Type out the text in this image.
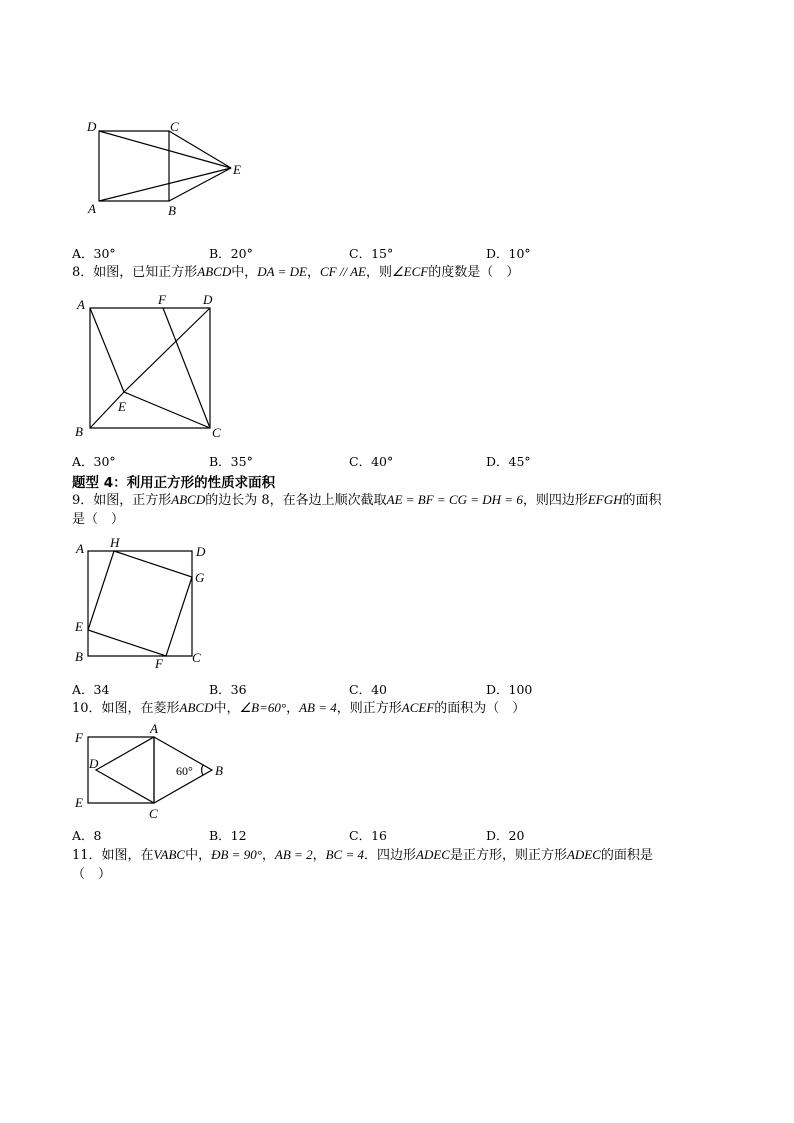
D	C
E
A	B
A．30°	B．20°	C．15°	D．10°
8．如图，已知正方形ABCD中，DA = DE，CF // AE，则∠ECF的度数是（　）
A	F	D
E
B	C
A．30°	B．35°	C．40°	D．45°
题型 4：利用正方形的性质求面积
9．如图，正方形ABCD的边长为 8，在各边上顺次截取AE = BF = CG = DH = 6，则四边形EFGH的面积
是（　）
A H
D
G
E
B	F C
A．34	B．36	C．40	D．100
10．如图，在菱形ABCD中，∠B=60°，AB = 4，则正方形ACEF的面积为（　）
F
A
D	60° B
E
C
A．8	B．12	C．16	D．20
11．如图，在VABC中，ÐB = 90°，AB = 2，BC = 4．四边形ADEC是正方形，则正方形ADEC的面积是
（　）
